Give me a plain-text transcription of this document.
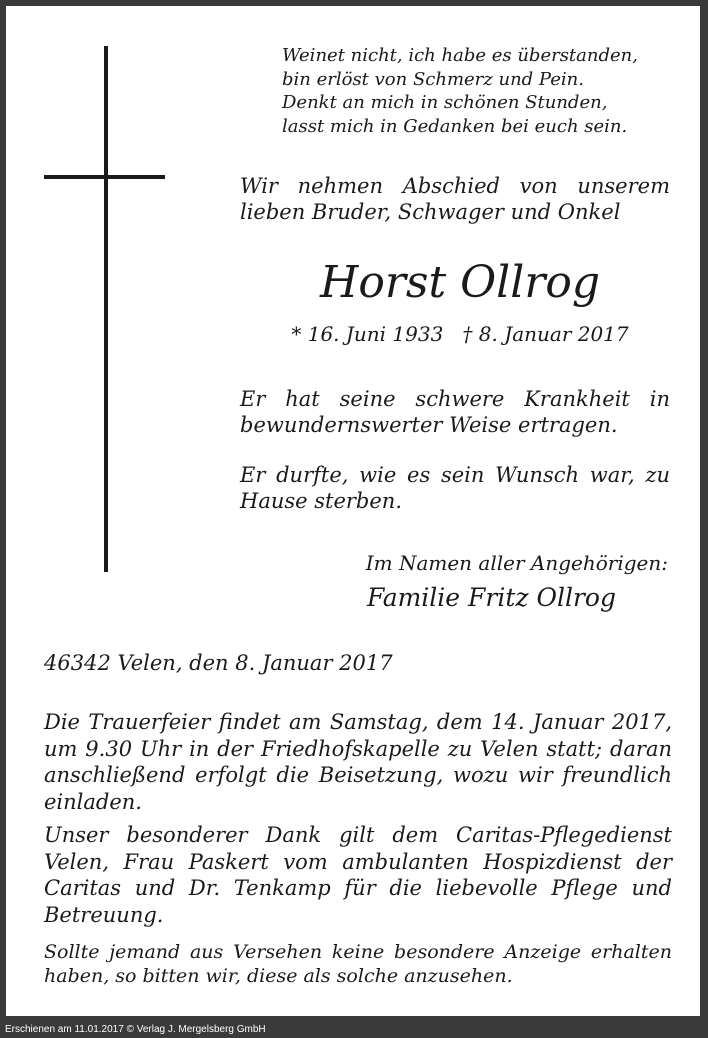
Weinet nicht, ich habe es überstanden,
bin erlöst von Schmerz und Pein.
Denkt an mich in schönen Stunden,
lasst mich in Gedanken bei euch sein.
Wir nehmen Abschied von unserem lieben Bruder, Schwager und Onkel
Horst Ollrog
* 16. Juni 1933 † 8. Januar 2017
Er hat seine schwere Krankheit in bewundernswerter Weise ertragen.
Er durfte, wie es sein Wunsch war, zu Hause sterben.
Im Namen aller Angehörigen:
Familie Fritz Ollrog
46342 Velen, den 8. Januar 2017
Die Trauerfeier findet am Samstag, dem 14. Januar 2017, um 9.30 Uhr in der Friedhofskapelle zu Velen statt; daran anschließend erfolgt die Beisetzung, wozu wir freundlich einladen.
Unser besonderer Dank gilt dem Caritas-Pflegedienst Velen, Frau Paskert vom ambulanten Hospizdienst der Caritas und Dr. Tenkamp für die liebevolle Pflege und Betreuung.
Sollte jemand aus Versehen keine besondere Anzeige erhalten haben, so bitten wir, diese als solche anzusehen.
Erschienen am 11.01.2017 © Verlag J. Mergelsberg GmbH
